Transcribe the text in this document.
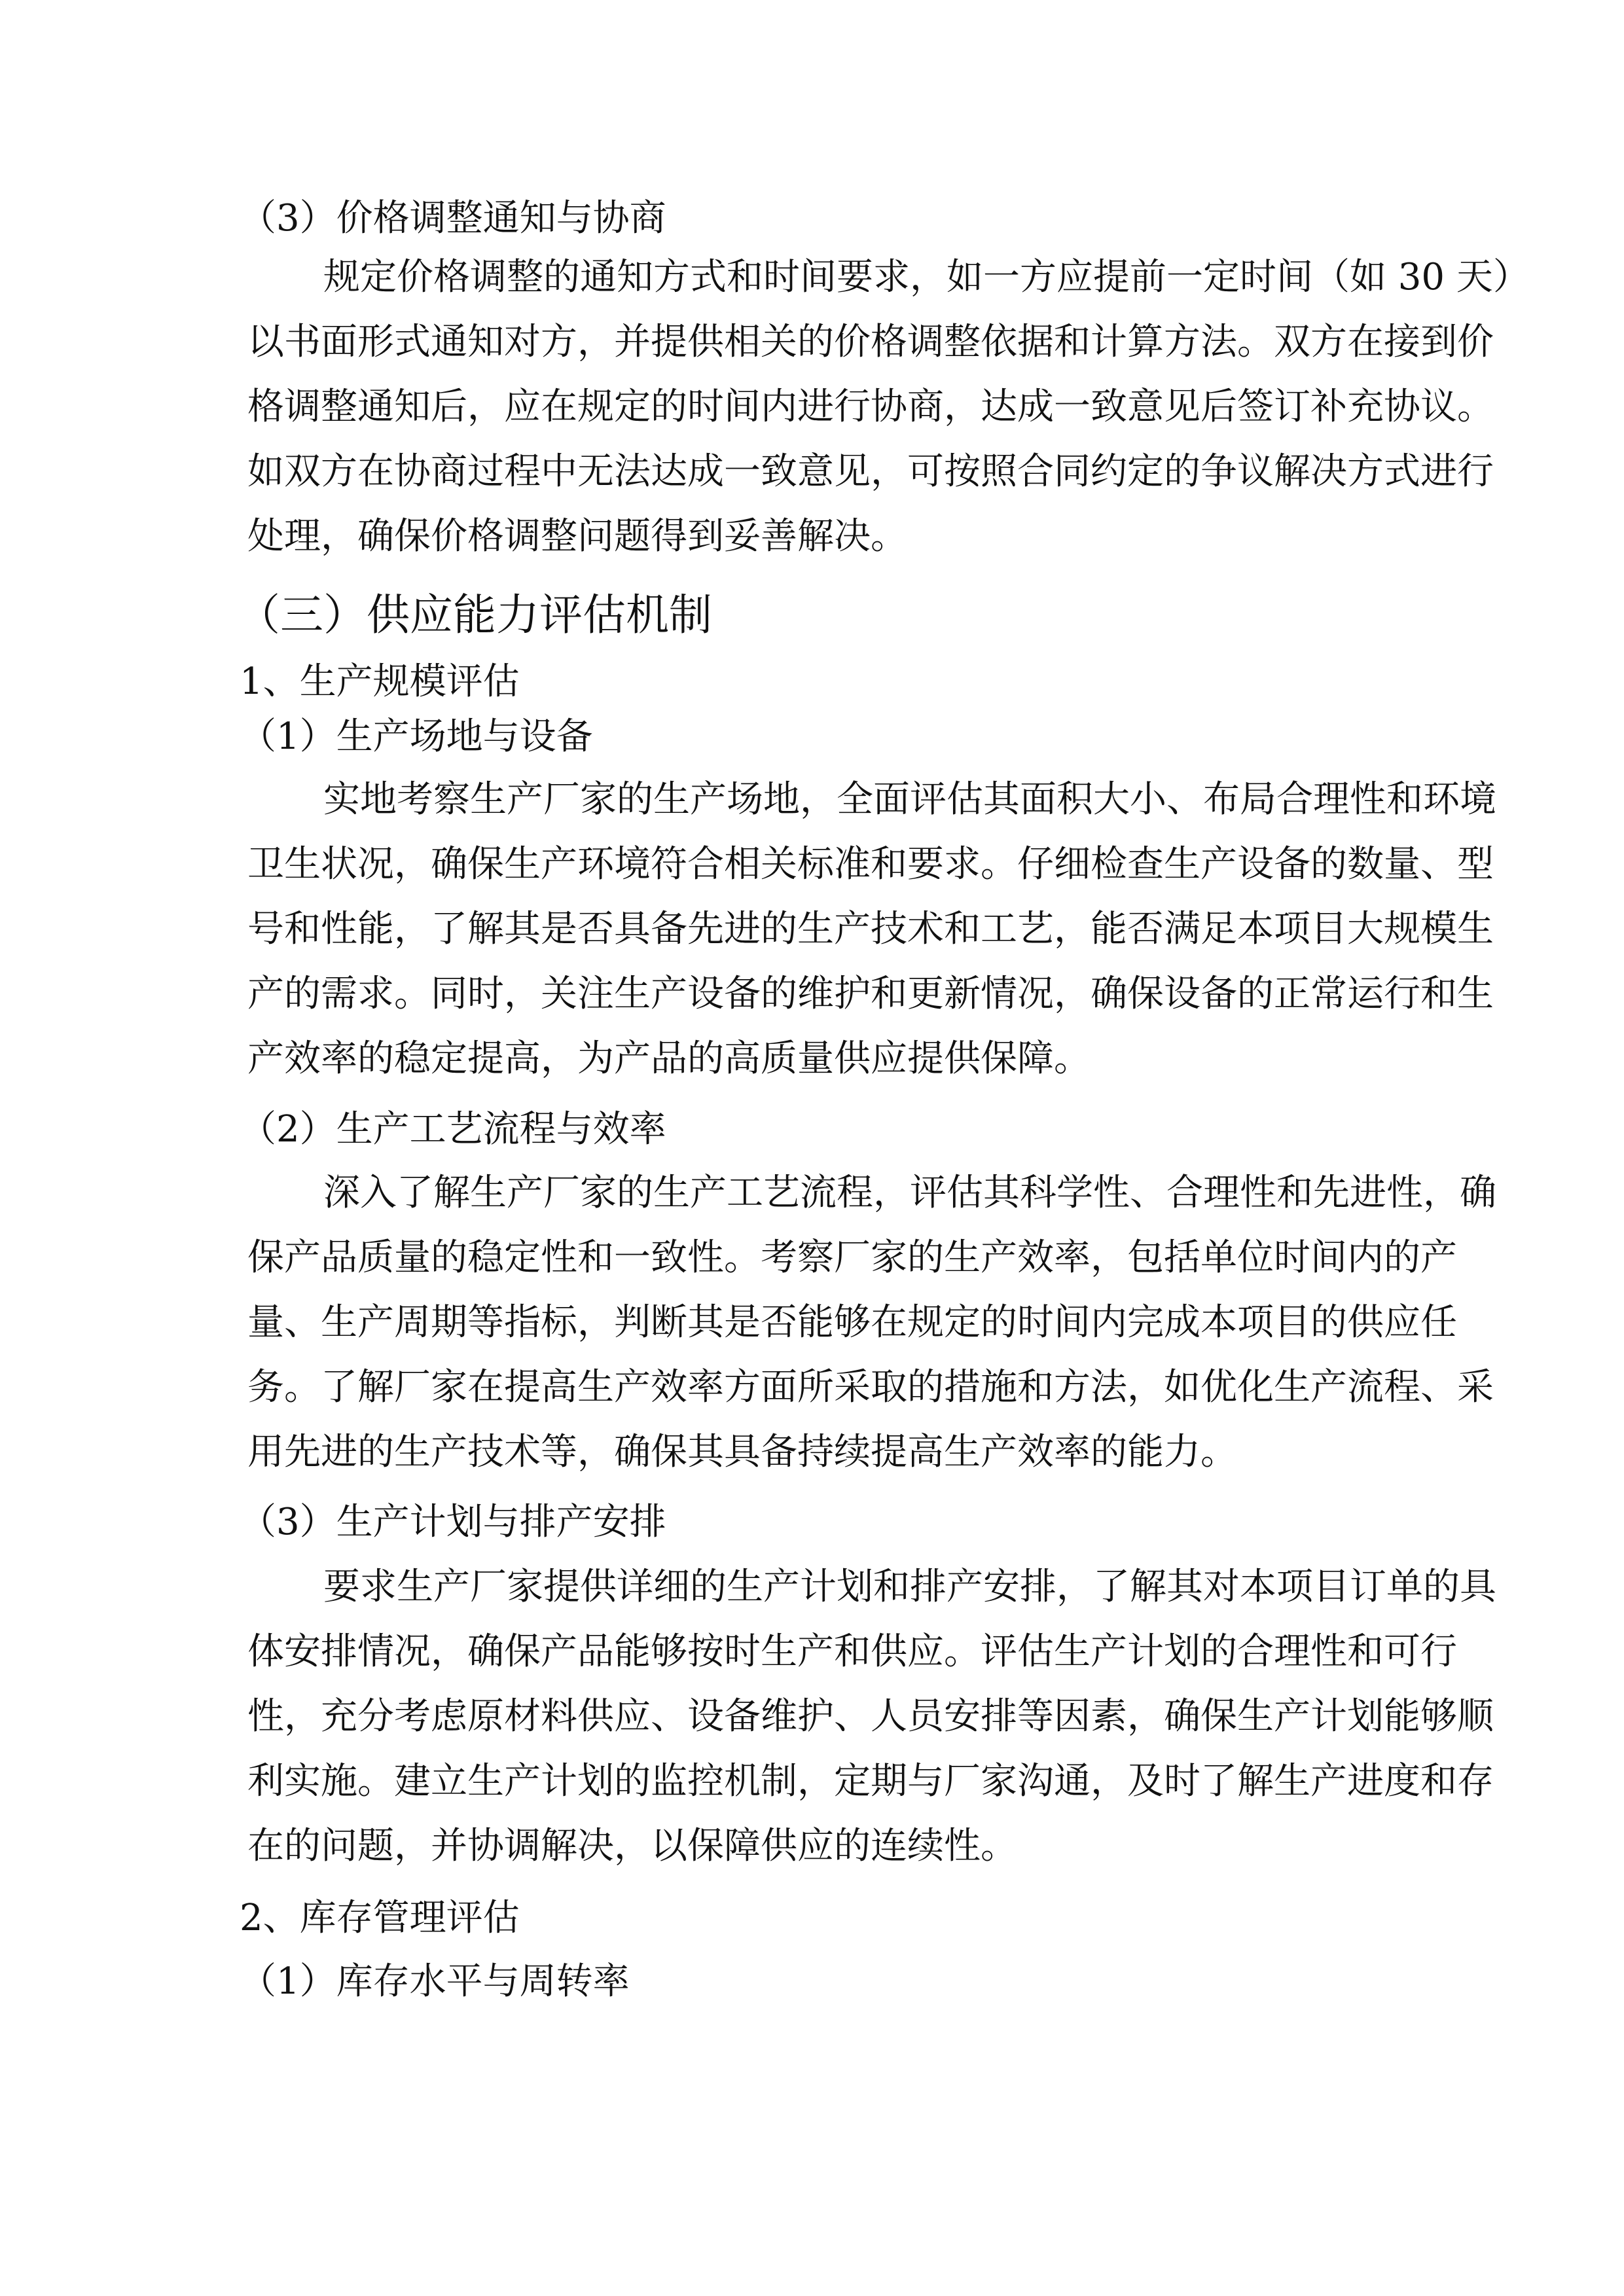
（3）价格调整通知与协商
规定价格调整的通知方式和时间要求，如一方应提前一定时间（如 30 天）
以书面形式通知对方，并提供相关的价格调整依据和计算方法。双方在接到价
格调整通知后，应在规定的时间内进行协商，达成一致意见后签订补充协议。
如双方在协商过程中无法达成一致意见，可按照合同约定的争议解决方式进行
处理，确保价格调整问题得到妥善解决。
（三）供应能力评估机制
1、生产规模评估
（1）生产场地与设备
实地考察生产厂家的生产场地，全面评估其面积大小、布局合理性和环境
卫生状况，确保生产环境符合相关标准和要求。仔细检查生产设备的数量、型
号和性能，了解其是否具备先进的生产技术和工艺，能否满足本项目大规模生
产的需求。同时，关注生产设备的维护和更新情况，确保设备的正常运行和生
产效率的稳定提高，为产品的高质量供应提供保障。
（2）生产工艺流程与效率
深入了解生产厂家的生产工艺流程，评估其科学性、合理性和先进性，确
保产品质量的稳定性和一致性。考察厂家的生产效率，包括单位时间内的产
量、生产周期等指标，判断其是否能够在规定的时间内完成本项目的供应任
务。了解厂家在提高生产效率方面所采取的措施和方法，如优化生产流程、采
用先进的生产技术等，确保其具备持续提高生产效率的能力。
（3）生产计划与排产安排
要求生产厂家提供详细的生产计划和排产安排，了解其对本项目订单的具
体安排情况，确保产品能够按时生产和供应。评估生产计划的合理性和可行
性，充分考虑原材料供应、设备维护、人员安排等因素，确保生产计划能够顺
利实施。建立生产计划的监控机制，定期与厂家沟通，及时了解生产进度和存
在的问题，并协调解决，以保障供应的连续性。
2、库存管理评估
（1）库存水平与周转率
